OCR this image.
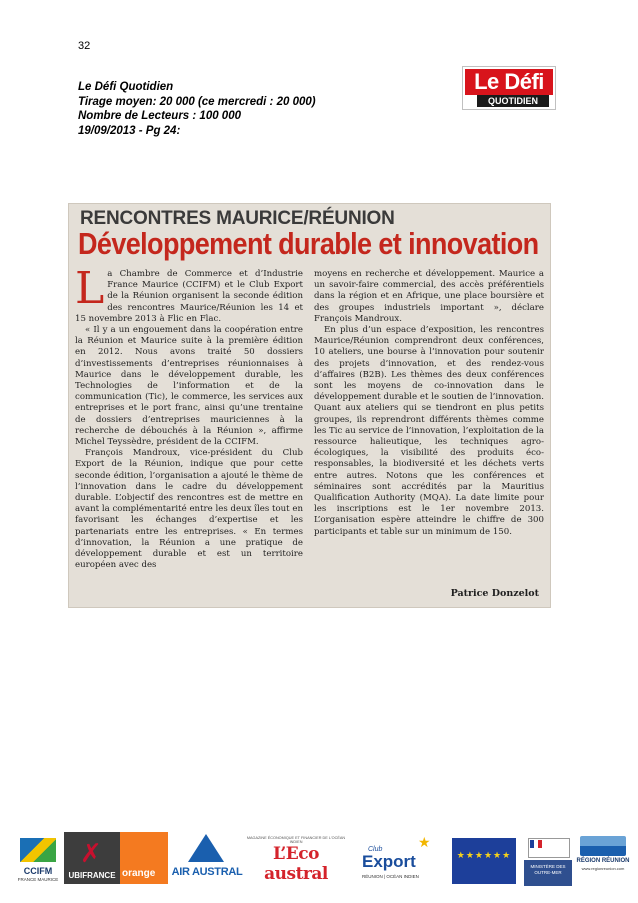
32
Le Défi Quotidien
Tirage moyen: 20 000 (ce mercredi : 20 000)
Nombre de Lecteurs : 100 000
19/09/2013 - Pg 24:
Le Défi
QUOTIDIEN
RENCONTRES MAURICE/RÉUNION
Développement durable et innovation

La Chambre de Commerce et d’Industrie France Maurice (CCIFM) et le Club Export de la Réunion organisent la seconde édition des rencontres Maurice/Réunion les 14 et 15 novembre 2013 à Flic en Flac.

« Il y a un engouement dans la coopération entre la Réunion et Maurice suite à la première édition en 2012. Nous avons traité 50 dossiers d’investissements d’entreprises réunionnaises à Maurice dans le développement durable, les Technologies de l’information et de la communication (Tic), le commerce, les services aux entreprises et le port franc, ainsi qu’une trentaine de dossiers d’entreprises mauriciennes à la recherche de débouchés à la Réunion », affirme Michel Teyssèdre, président de la CCIFM.

François Mandroux, vice-président du Club Export de la Réunion, indique que pour cette seconde édition, l’organisation a ajouté le thème de l’innovation dans le cadre du développement durable. L’objectif des rencontres est de mettre en avant la complémentarité entre les deux îles tout en favorisant les échanges d’expertise et les partenariats entre les entreprises. « En termes d’innovation, la Réunion a une pratique de développement durable et est un territoire européen avec des

moyens en recherche et développement. Maurice a un savoir-faire commercial, des accès préférentiels dans la région et en Afrique, une place boursière et des groupes industriels important », déclare François Mandroux.

En plus d’un espace d’exposition, les rencontres Maurice/Réunion comprendront deux conférences, 10 ateliers, une bourse à l’innovation pour soutenir des projets d’innovation, et des rendez-vous d’affaires (B2B). Les thèmes des deux conférences sont les moyens de co-innovation dans le développement durable et le soutien de l’innovation. Quant aux ateliers qui se tiendront en plus petits groupes, ils reprendront différents thèmes comme les Tic au service de l’innovation, l’exploitation de la ressource halieutique, les techniques agro-écologiques, la visibilité des produits éco-responsables, la biodiversité et les déchets verts entre autres. Notons que les conférences et séminaires sont accrédités par la Mauritius Qualification Authority (MQA). La date limite pour les inscriptions est le 1er novembre 2013. L’organisation espère atteindre le chiffre de 300 participants et table sur un minimum de 150.

Patrice Donzelot
CCIFM
FRANCE MAURICE
✗
UBIFRANCE orange AIR AUSTRAL
MAGAZINE ÉCONOMIQUE ET FINANCIER DE L'OCÉAN INDIEN
L’Eco austral
★
Club
Export
RÉUNION | OCÉAN INDIEN
★★★★★★
MINISTÈRE DES OUTRE-MER
RÉGION RÉUNION
www.regionreunion.com
